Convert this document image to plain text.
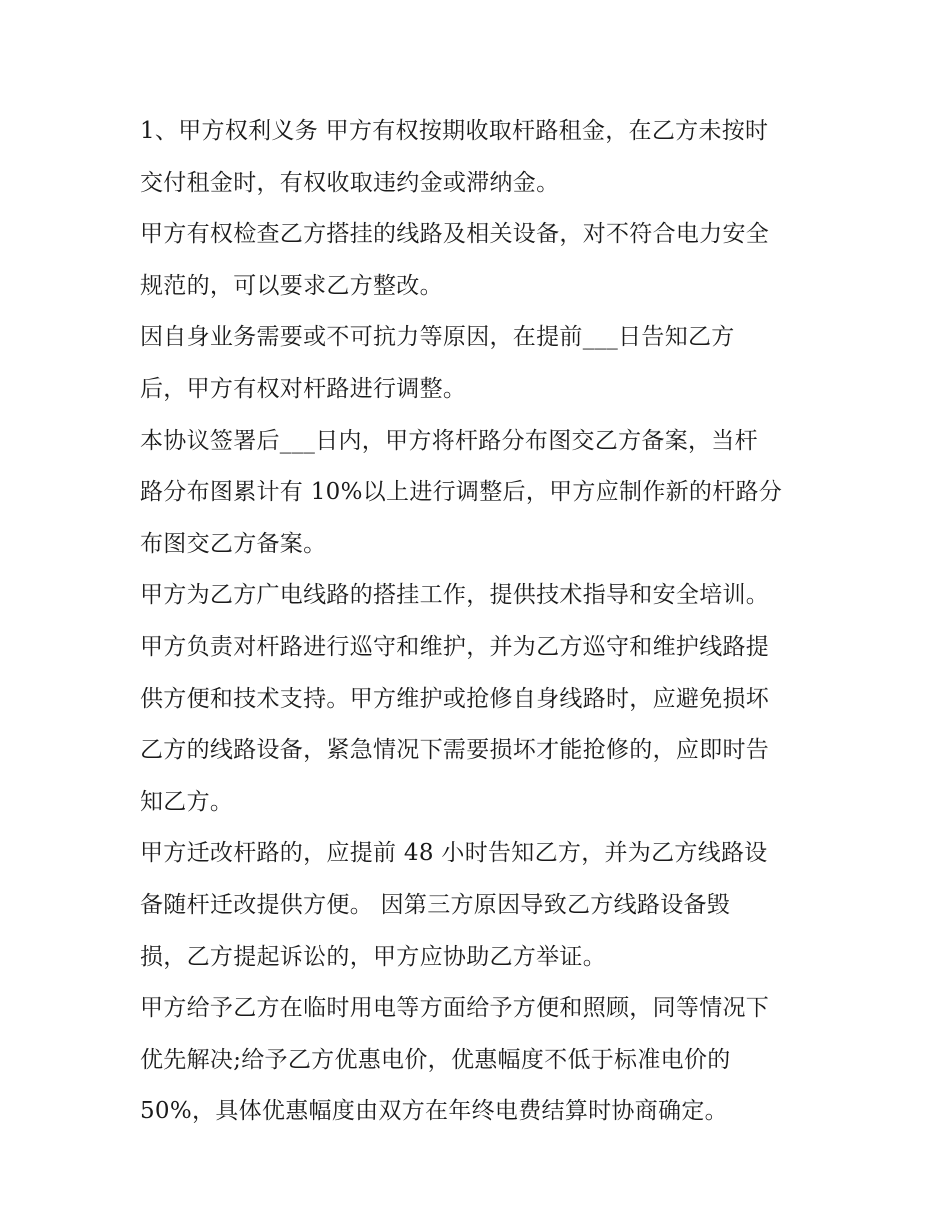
1、甲方权利义务 甲方有权按期收取杆路租金，在乙方未按时
交付租金时，有权收取违约金或滞纳金。
甲方有权检查乙方搭挂的线路及相关设备，对不符合电力安全
规范的，可以要求乙方整改。
因自身业务需要或不可抗力等原因，在提前___日告知乙方
后，甲方有权对杆路进行调整。
本协议签署后___日内，甲方将杆路分布图交乙方备案，当杆
路分布图累计有 10%以上进行调整后，甲方应制作新的杆路分
布图交乙方备案。
甲方为乙方广电线路的搭挂工作，提供技术指导和安全培训。
甲方负责对杆路进行巡守和维护，并为乙方巡守和维护线路提
供方便和技术支持。甲方维护或抢修自身线路时，应避免损坏
乙方的线路设备，紧急情况下需要损坏才能抢修的，应即时告
知乙方。
甲方迁改杆路的，应提前 48 小时告知乙方，并为乙方线路设
备随杆迁改提供方便。 因第三方原因导致乙方线路设备毁
损，乙方提起诉讼的，甲方应协助乙方举证。
甲方给予乙方在临时用电等方面给予方便和照顾，同等情况下
优先解决;给予乙方优惠电价，优惠幅度不低于标准电价的
50%，具体优惠幅度由双方在年终电费结算时协商确定。
